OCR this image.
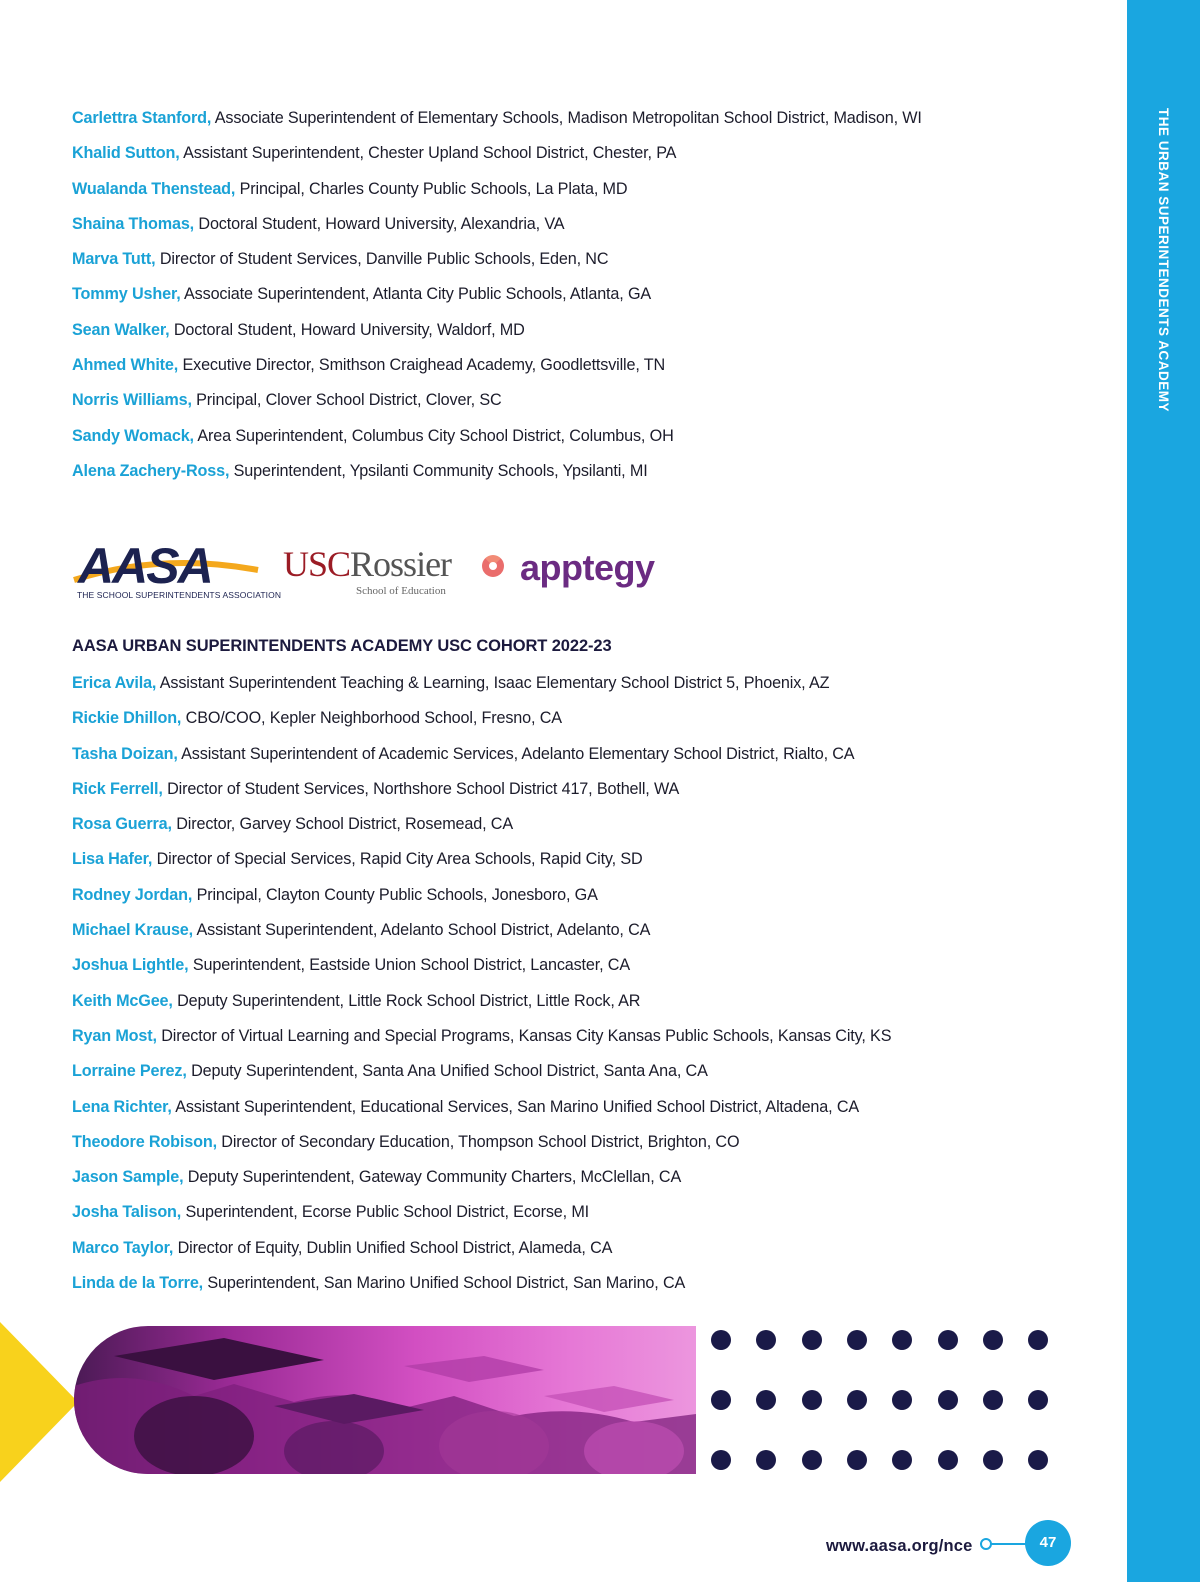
THE URBAN SUPERINTENDENTS ACADEMY
Carlettra Stanford, Associate Superintendent of Elementary Schools, Madison Metropolitan School District, Madison, WI
Khalid Sutton, Assistant Superintendent, Chester Upland School District, Chester, PA
Wualanda Thenstead, Principal, Charles County Public Schools, La Plata, MD
Shaina Thomas, Doctoral Student, Howard University, Alexandria, VA
Marva Tutt, Director of Student Services, Danville Public Schools, Eden, NC
Tommy Usher, Associate Superintendent, Atlanta City Public Schools, Atlanta, GA
Sean Walker, Doctoral Student, Howard University, Waldorf, MD
Ahmed White, Executive Director, Smithson Craighead Academy, Goodlettsville, TN
Norris Williams, Principal, Clover School District, Clover, SC
Sandy Womack, Area Superintendent, Columbus City School District, Columbus, OH
Alena Zachery-Ross, Superintendent, Ypsilanti Community Schools, Ypsilanti, MI
AASA
THE SCHOOL SUPERINTENDENTS ASSOCIATION
USCRossier
School of Education
apptegy
AASA URBAN SUPERINTENDENTS ACADEMY USC COHORT 2022-23
Erica Avila, Assistant Superintendent Teaching & Learning, Isaac Elementary School District 5, Phoenix, AZ
Rickie Dhillon, CBO/COO, Kepler Neighborhood School, Fresno, CA
Tasha Doizan, Assistant Superintendent of Academic Services, Adelanto Elementary School District, Rialto, CA
Rick Ferrell, Director of Student Services, Northshore School District 417, Bothell, WA
Rosa Guerra, Director, Garvey School District, Rosemead, CA
Lisa Hafer, Director of Special Services, Rapid City Area Schools, Rapid City, SD
Rodney Jordan, Principal, Clayton County Public Schools, Jonesboro, GA
Michael Krause, Assistant Superintendent, Adelanto School District, Adelanto, CA
Joshua Lightle, Superintendent, Eastside Union School District, Lancaster, CA
Keith McGee, Deputy Superintendent, Little Rock School District, Little Rock, AR
Ryan Most, Director of Virtual Learning and Special Programs, Kansas City Kansas Public Schools, Kansas City, KS
Lorraine Perez, Deputy Superintendent, Santa Ana Unified School District, Santa Ana, CA
Lena Richter, Assistant Superintendent, Educational Services, San Marino Unified School District, Altadena, CA
Theodore Robison, Director of Secondary Education, Thompson School District, Brighton, CO
Jason Sample, Deputy Superintendent, Gateway Community Charters, McClellan, CA
Josha Talison, Superintendent, Ecorse Public School District, Ecorse, MI
Marco Taylor, Director of Equity, Dublin Unified School District, Alameda, CA
Linda de la Torre, Superintendent, San Marino Unified School District, San Marino, CA
www.aasa.org/nce	47
